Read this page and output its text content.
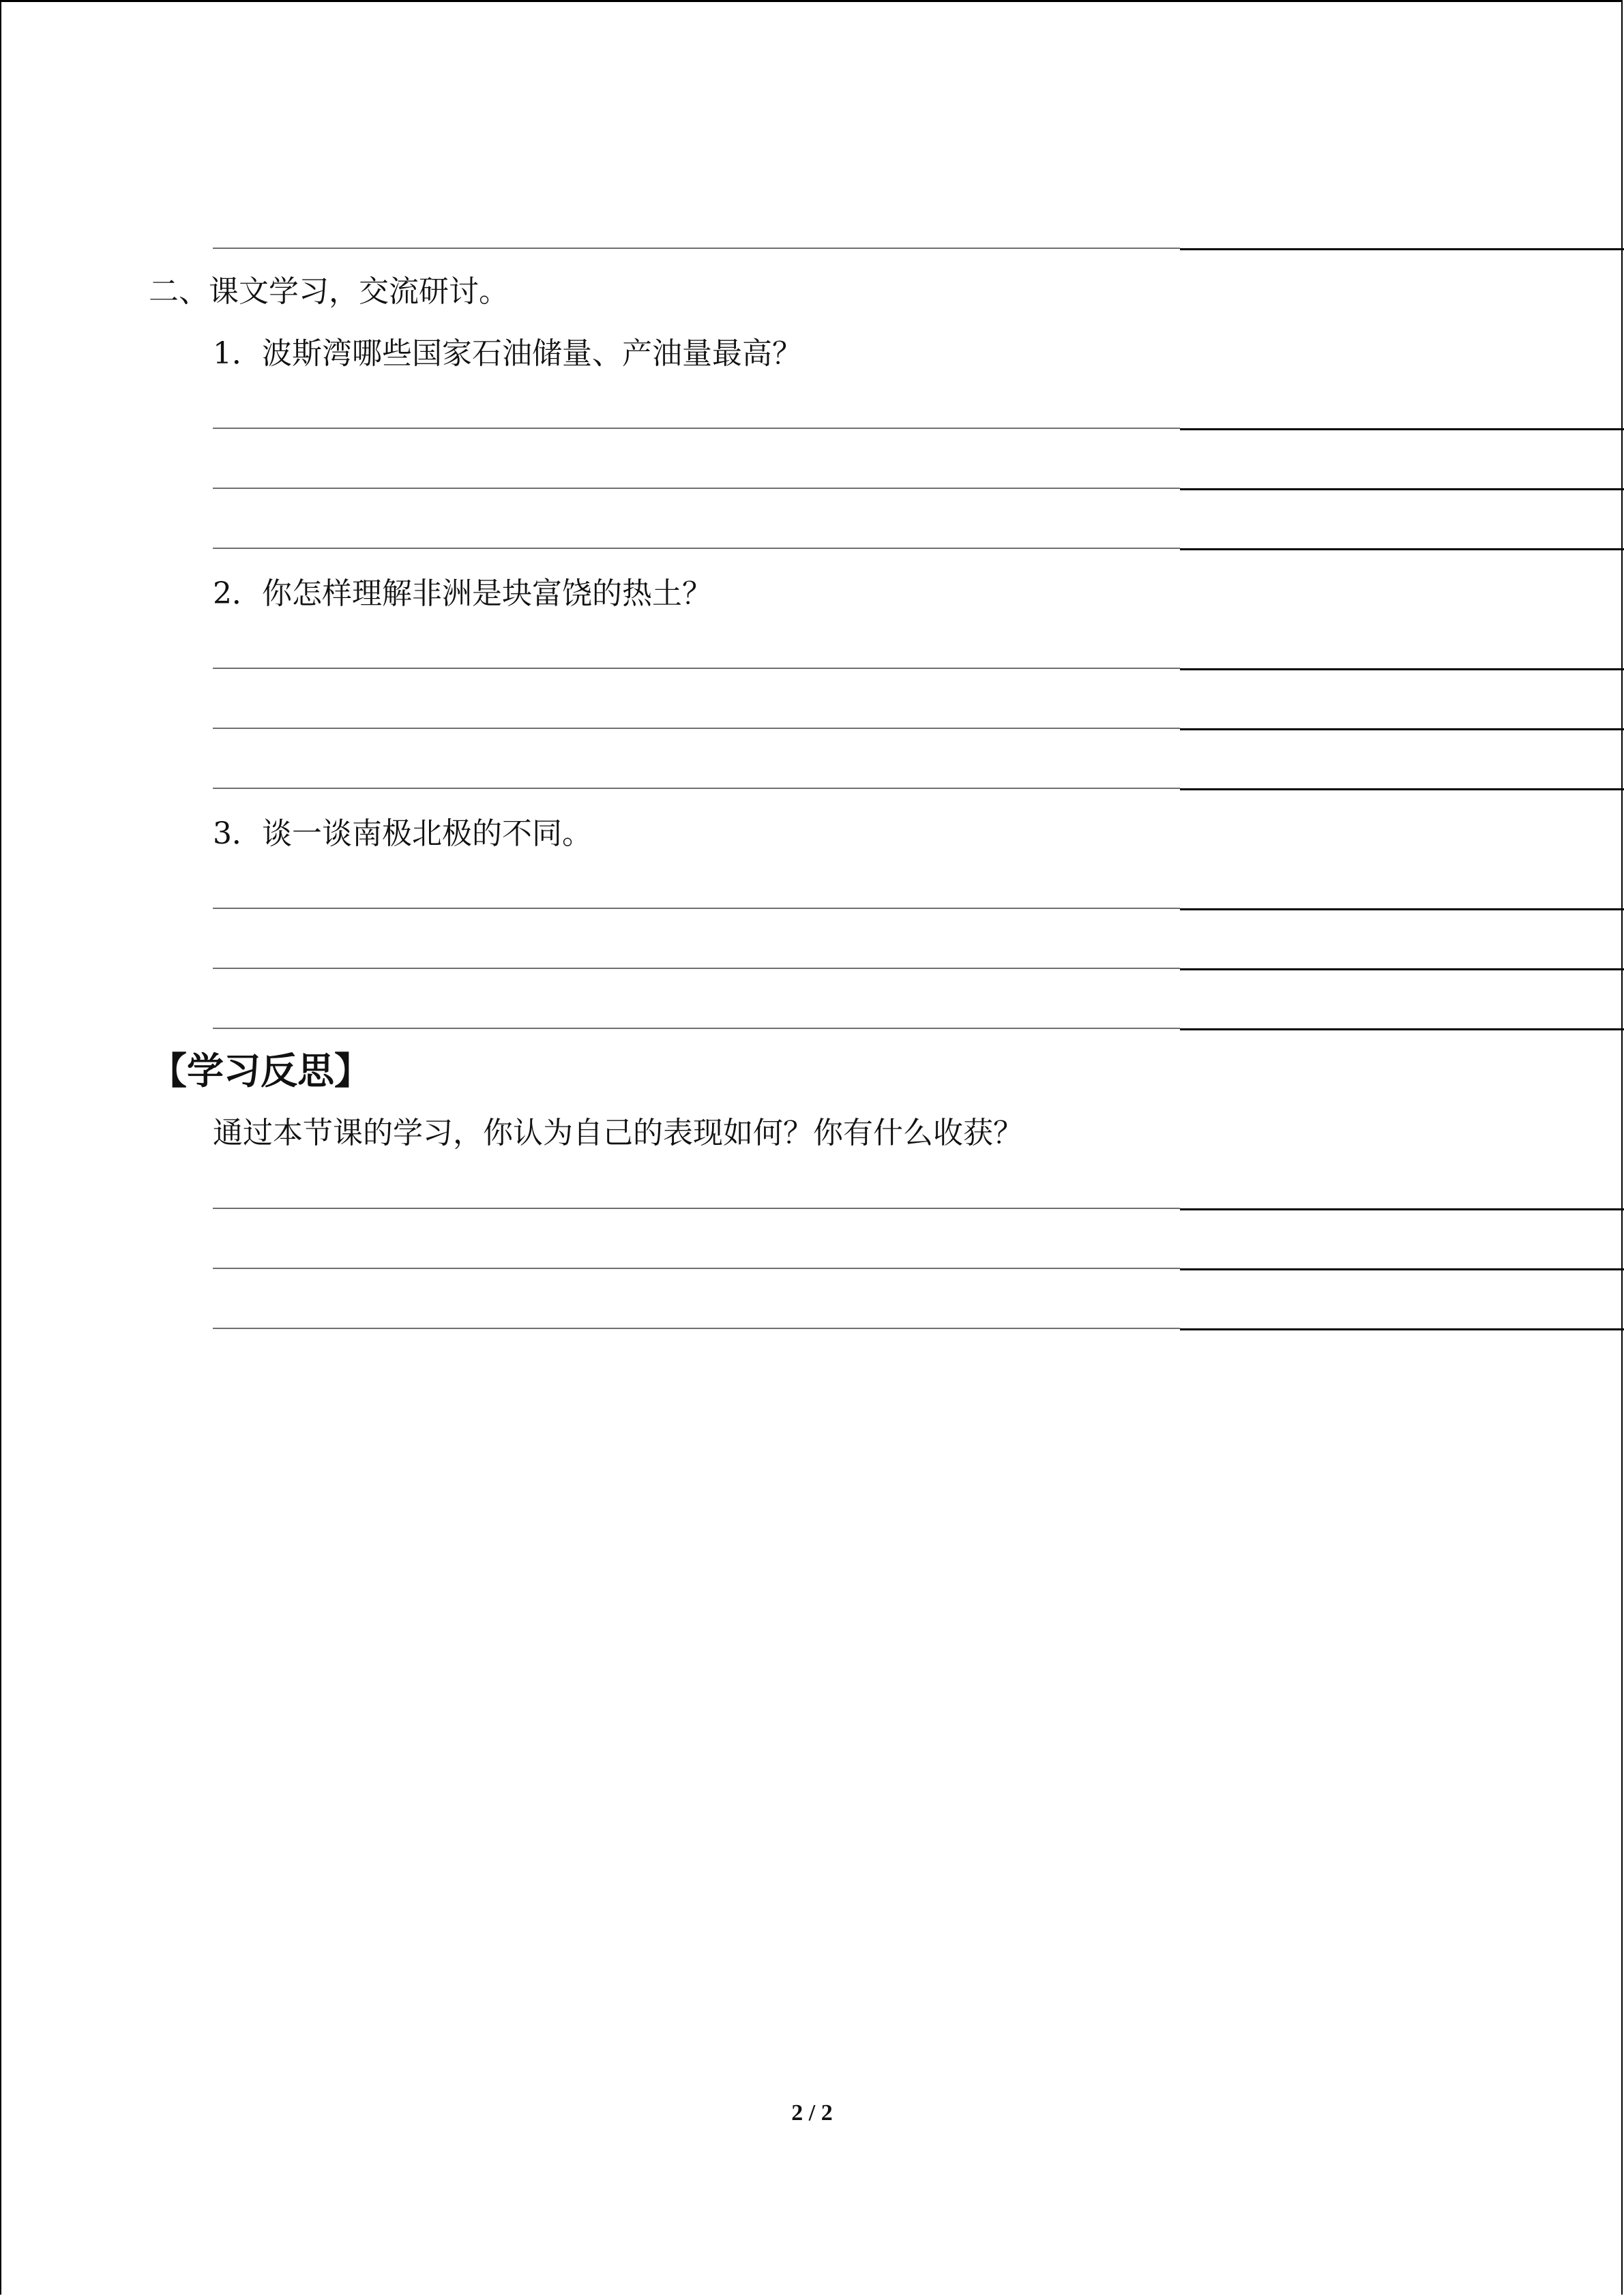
二、课文学习，交流研讨。
1．波斯湾哪些国家石油储量、产油量最高？
2．你怎样理解非洲是块富饶的热土？
3．谈一谈南极北极的不同。
【学习反思】
通过本节课的学习，你认为自己的表现如何？你有什么收获？
2 / 2
